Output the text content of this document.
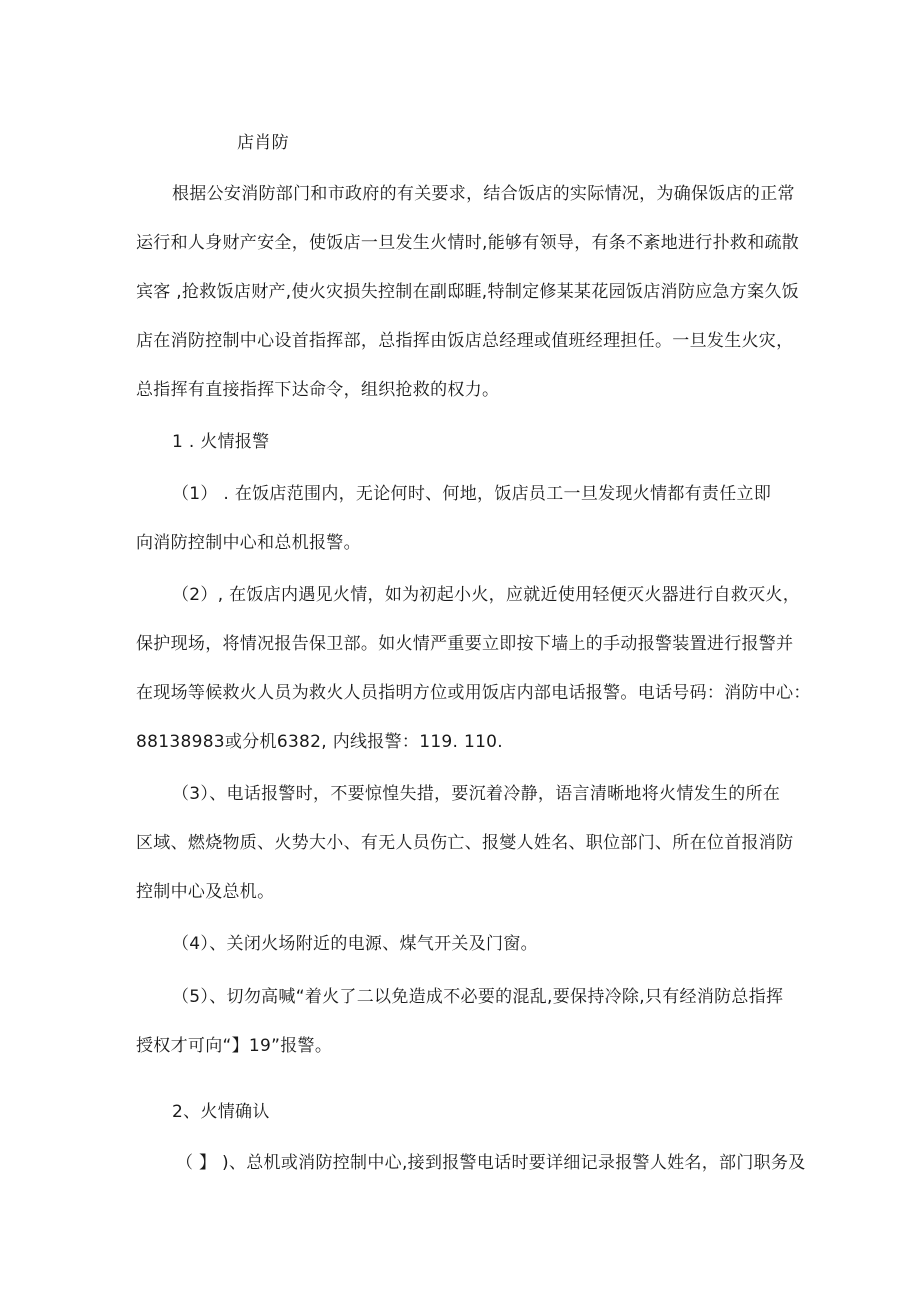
店肖防
根据公安消防部门和市政府的有关要求，结合饭店的实际情况，为确保饭店的正常
运行和人身财产安全，使饭店一旦发生火情时,能够有领导，有条不紊地进行扑救和疏散
宾客 ,抢救饭店财产,使火灾损失控制在副邸睚,特制定修某某花园饭店消防应急方案久饭
店在消防控制中心设首指挥部，总指挥由饭店总经理或值班经理担任。一旦发生火灾，
总指挥有直接指挥下达命令，组织抢救的权力。
1 . 火情报警
（1） . 在饭店范围内，无论何时、何地，饭店员工一旦发现火情都有责任立即
向消防控制中心和总机报警。
（2）, 在饭店内遇见火情，如为初起小火，应就近使用轻便灭火器进行自救灭火，
保护现场，将情况报告保卫部。如火情严重要立即按下墙上的手动报警装置进行报警并
在现场等候救火人员为救火人员指明方位或用饭店内部电话报警。电话号码：消防中心：
88138983或分机6382, 内线报警：119. 110.
（3）、电话报警时，不要惊惶失措，要沉着冷静，语言清晰地将火情发生的所在
区域、燃烧物质、火势大小、有无人员伤亡、报燮人姓名、职位部门、所在位首报消防
控制中心及总机。
（4）、关闭火场附近的电源、煤气开关及门窗。
（5）、切勿高喊“着火了二以免造成不必要的混乱,要保持冷除,只有经消防总指挥
授权才可向“】19”报警。
2、火情确认
（ 】 )、总机或消防控制中心,接到报警电话时要详细记录报警人姓名，部门职务及
